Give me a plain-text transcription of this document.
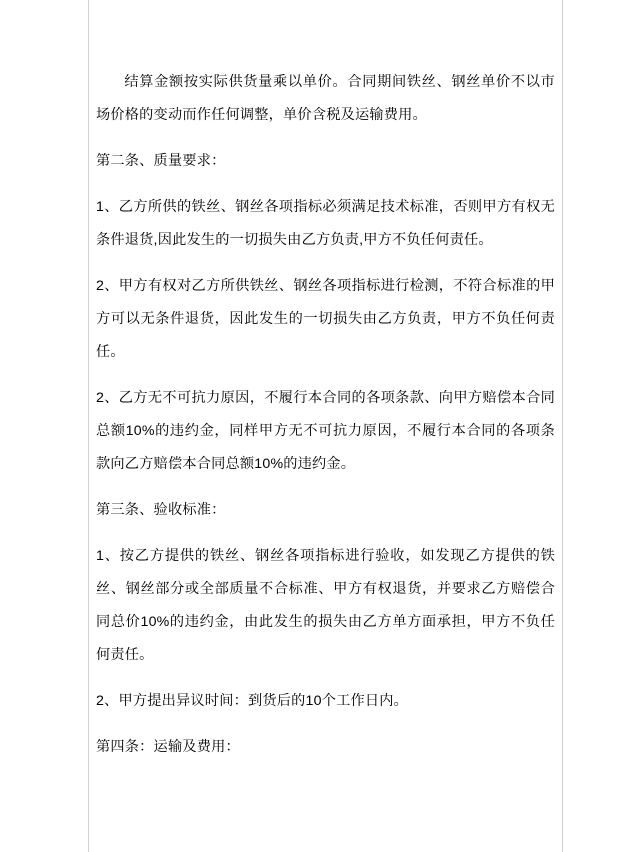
结算金额按实际供货量乘以单价。合同期间铁丝、钢丝单价不以市场价格的变动而作任何调整，单价含税及运输费用。

第二条、质量要求：

1、乙方所供的铁丝、钢丝各项指标必须满足技术标准，否则甲方有权无条件退货,因此发生的一切损失由乙方负责,甲方不负任何责任。

2、甲方有权对乙方所供铁丝、钢丝各项指标进行检测，不符合标准的甲方可以无条件退货，因此发生的一切损失由乙方负责，甲方不负任何责任。

2、乙方无不可抗力原因，不履行本合同的各项条款、向甲方赔偿本合同总额10%的违约金，同样甲方无不可抗力原因，不履行本合同的各项条款向乙方赔偿本合同总额10%的违约金。

第三条、验收标准：

1、按乙方提供的铁丝、钢丝各项指标进行验收，如发现乙方提供的铁丝、钢丝部分或全部质量不合标准、甲方有权退货，并要求乙方赔偿合同总价10%的违约金，由此发生的损失由乙方单方面承担，甲方不负任何责任。

2、甲方提出异议时间：到货后的10个工作日内。

第四条：运输及费用：
